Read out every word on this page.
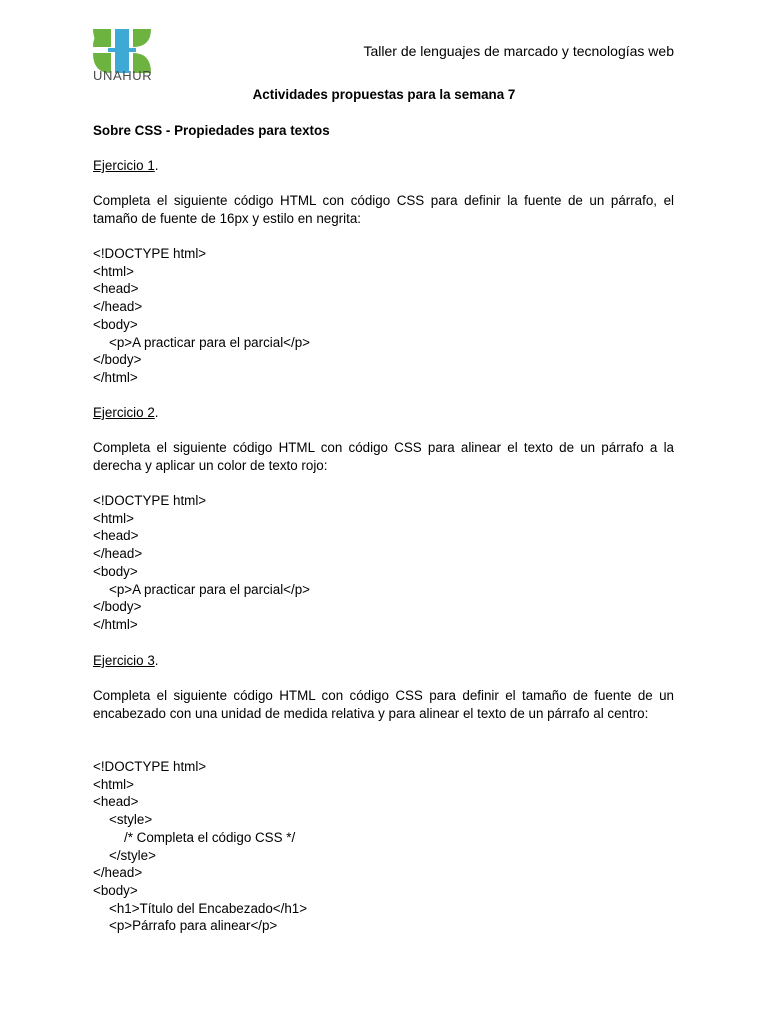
UNAHUR
Taller de lenguajes de marcado y tecnologías web
Actividades propuestas para la semana 7
Sobre CSS - Propiedades para textos
Ejercicio 1.
Completa el siguiente código HTML con código CSS para definir la fuente de un párrafo, el tamaño de fuente de 16px y estilo en negrita:
<!DOCTYPE html>
<html>
<head>
</head>
<body>
<p>A practicar para el parcial</p>
</body>
</html>
Ejercicio 2.
Completa el siguiente código HTML con código CSS para alinear el texto de un párrafo a la derecha y aplicar un color de texto rojo:
<!DOCTYPE html>
<html>
<head>
</head>
<body>
<p>A practicar para el parcial</p>
</body>
</html>
Ejercicio 3.
Completa el siguiente código HTML con código CSS para definir el tamaño de fuente de un encabezado con una unidad de medida relativa y para alinear el texto de un párrafo al centro:
<!DOCTYPE html>
<html>
<head>
<style>
/* Completa el código CSS */
</style>
</head>
<body>
<h1>Título del Encabezado</h1>
<p>Párrafo para alinear</p>
